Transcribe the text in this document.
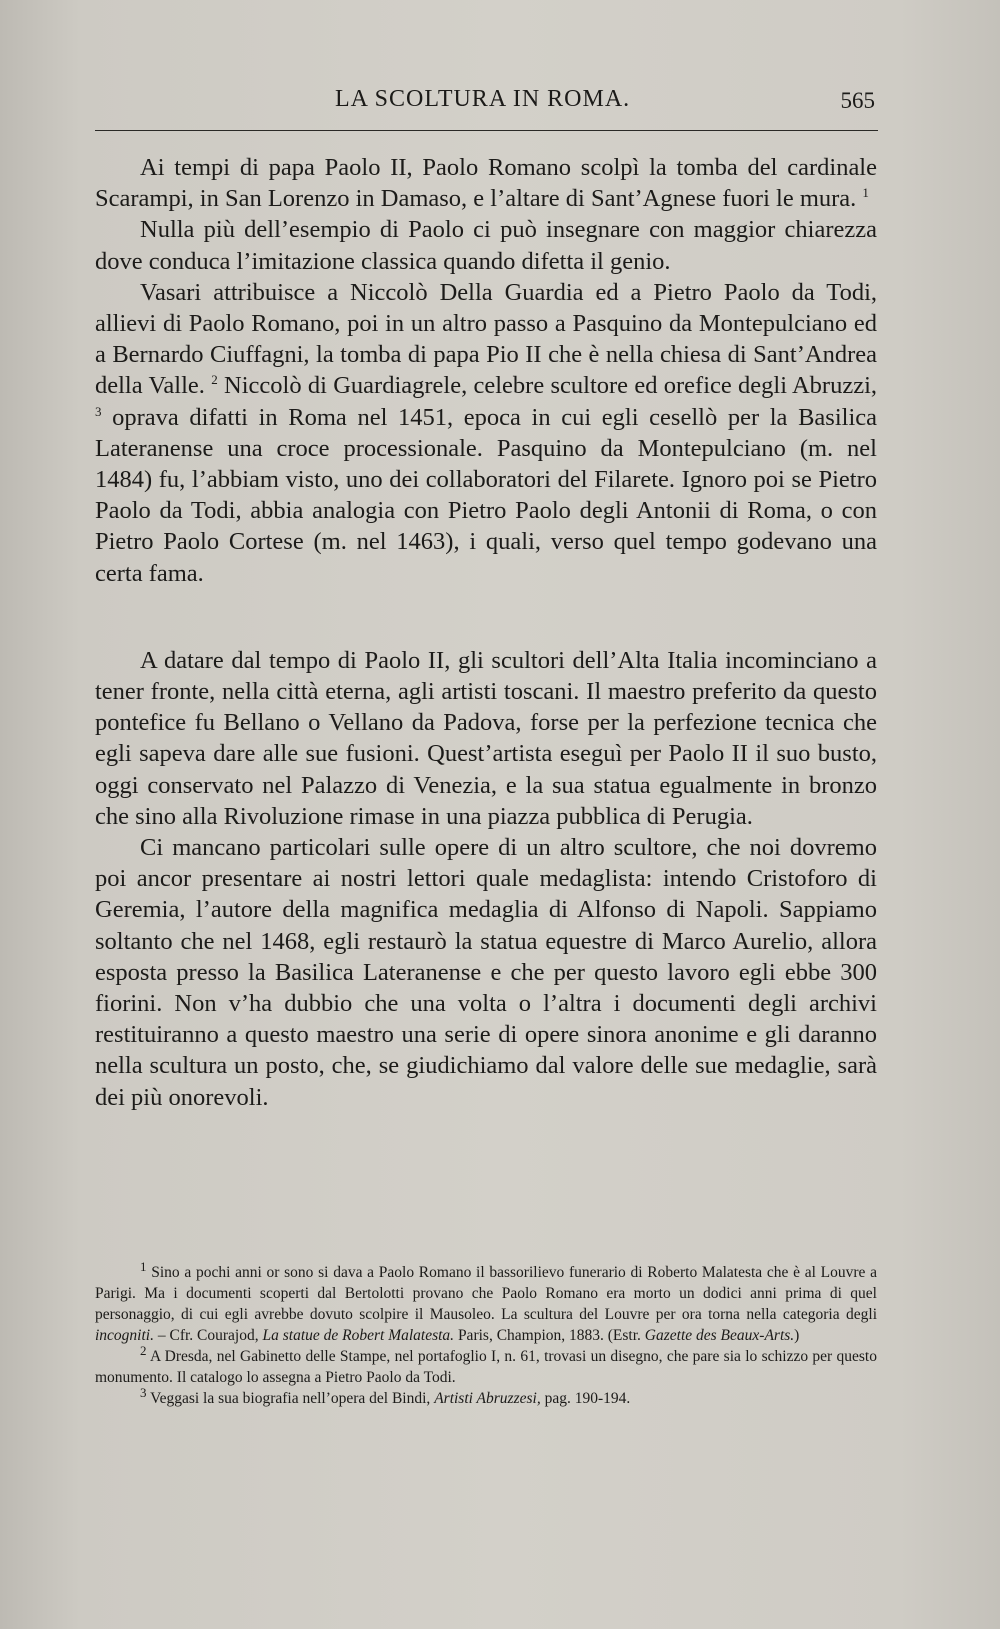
LA SCOLTURA IN ROMA.	565

Ai tempi di papa Paolo II, Paolo Romano scolpì la tomba del cardinale Scarampi, in San Lorenzo in Damaso, e l’altare di Sant’Agnese fuori le mura. $^1$

Nulla più dell’esempio di Paolo ci può insegnare con maggior chiarezza dove conduca l’imitazione classica quando difetta il genio.

Vasari attribuisce a Niccolò Della Guardia ed a Pietro Paolo da Todi, allievi di Paolo Romano, poi in un altro passo a Pasquino da Montepulciano ed a Bernardo Ciuffagni, la tomba di papa Pio II che è nella chiesa di Sant’Andrea della Valle. $^2$ Niccolò di Guardiagrele, celebre scultore ed orefice degli Abruzzi, $^3$ oprava difatti in Roma nel 1451, epoca in cui egli cesellò per la Basilica Lateranense una croce processionale. Pasquino da Montepulciano (m. nel 1484) fu, l’abbiam visto, uno dei collaboratori del Filarete. Ignoro poi se Pietro Paolo da Todi, abbia analogia con Pietro Paolo degli Antonii di Roma, o con Pietro Paolo Cortese (m. nel 1463), i quali, verso quel tempo godevano una certa fama.

A datare dal tempo di Paolo II, gli scultori dell’Alta Italia incominciano a tener fronte, nella città eterna, agli artisti toscani. Il maestro preferito da questo pontefice fu Bellano o Vellano da Padova, forse per la perfezione tecnica che egli sapeva dare alle sue fusioni. Quest’artista eseguì per Paolo II il suo busto, oggi conservato nel Palazzo di Venezia, e la sua statua egualmente in bronzo che sino alla Rivoluzione rimase in una piazza pubblica di Perugia.

Ci mancano particolari sulle opere di un altro scultore, che noi dovremo poi ancor presentare ai nostri lettori quale medaglista: intendo Cristoforo di Geremia, l’autore della magnifica medaglia di Alfonso di Napoli. Sappiamo soltanto che nel 1468, egli restaurò la statua equestre di Marco Aurelio, allora esposta presso la Basilica Lateranense e che per questo lavoro egli ebbe 300 fiorini. Non v’ha dubbio che una volta o l’altra i documenti degli archivi restituiranno a questo maestro una serie di opere sinora anonime e gli daranno nella scultura un posto, che, se giudichiamo dal valore delle sue medaglie, sarà dei più onorevoli.

$^1$ Sino a pochi anni or sono si dava a Paolo Romano il bassorilievo funerario di Roberto Malatesta che è al Louvre a Parigi. Ma i documenti scoperti dal Bertolotti provano che Paolo Romano era morto un dodici anni prima di quel personaggio, di cui egli avrebbe dovuto scolpire il Mausoleo. La scultura del Louvre per ora torna nella categoria degli incogniti. – Cfr. Courajod, La statue de Robert Malatesta. Paris, Champion, 1883. (Estr. Gazette des Beaux-Arts.)

$^2$ A Dresda, nel Gabinetto delle Stampe, nel portafoglio I, n. 61, trovasi un disegno, che pare sia lo schizzo per questo monumento. Il catalogo lo assegna a Pietro Paolo da Todi.

$^3$ Veggasi la sua biografia nell’opera del Bindi, Artisti Abruzzesi, pag. 190-194.
